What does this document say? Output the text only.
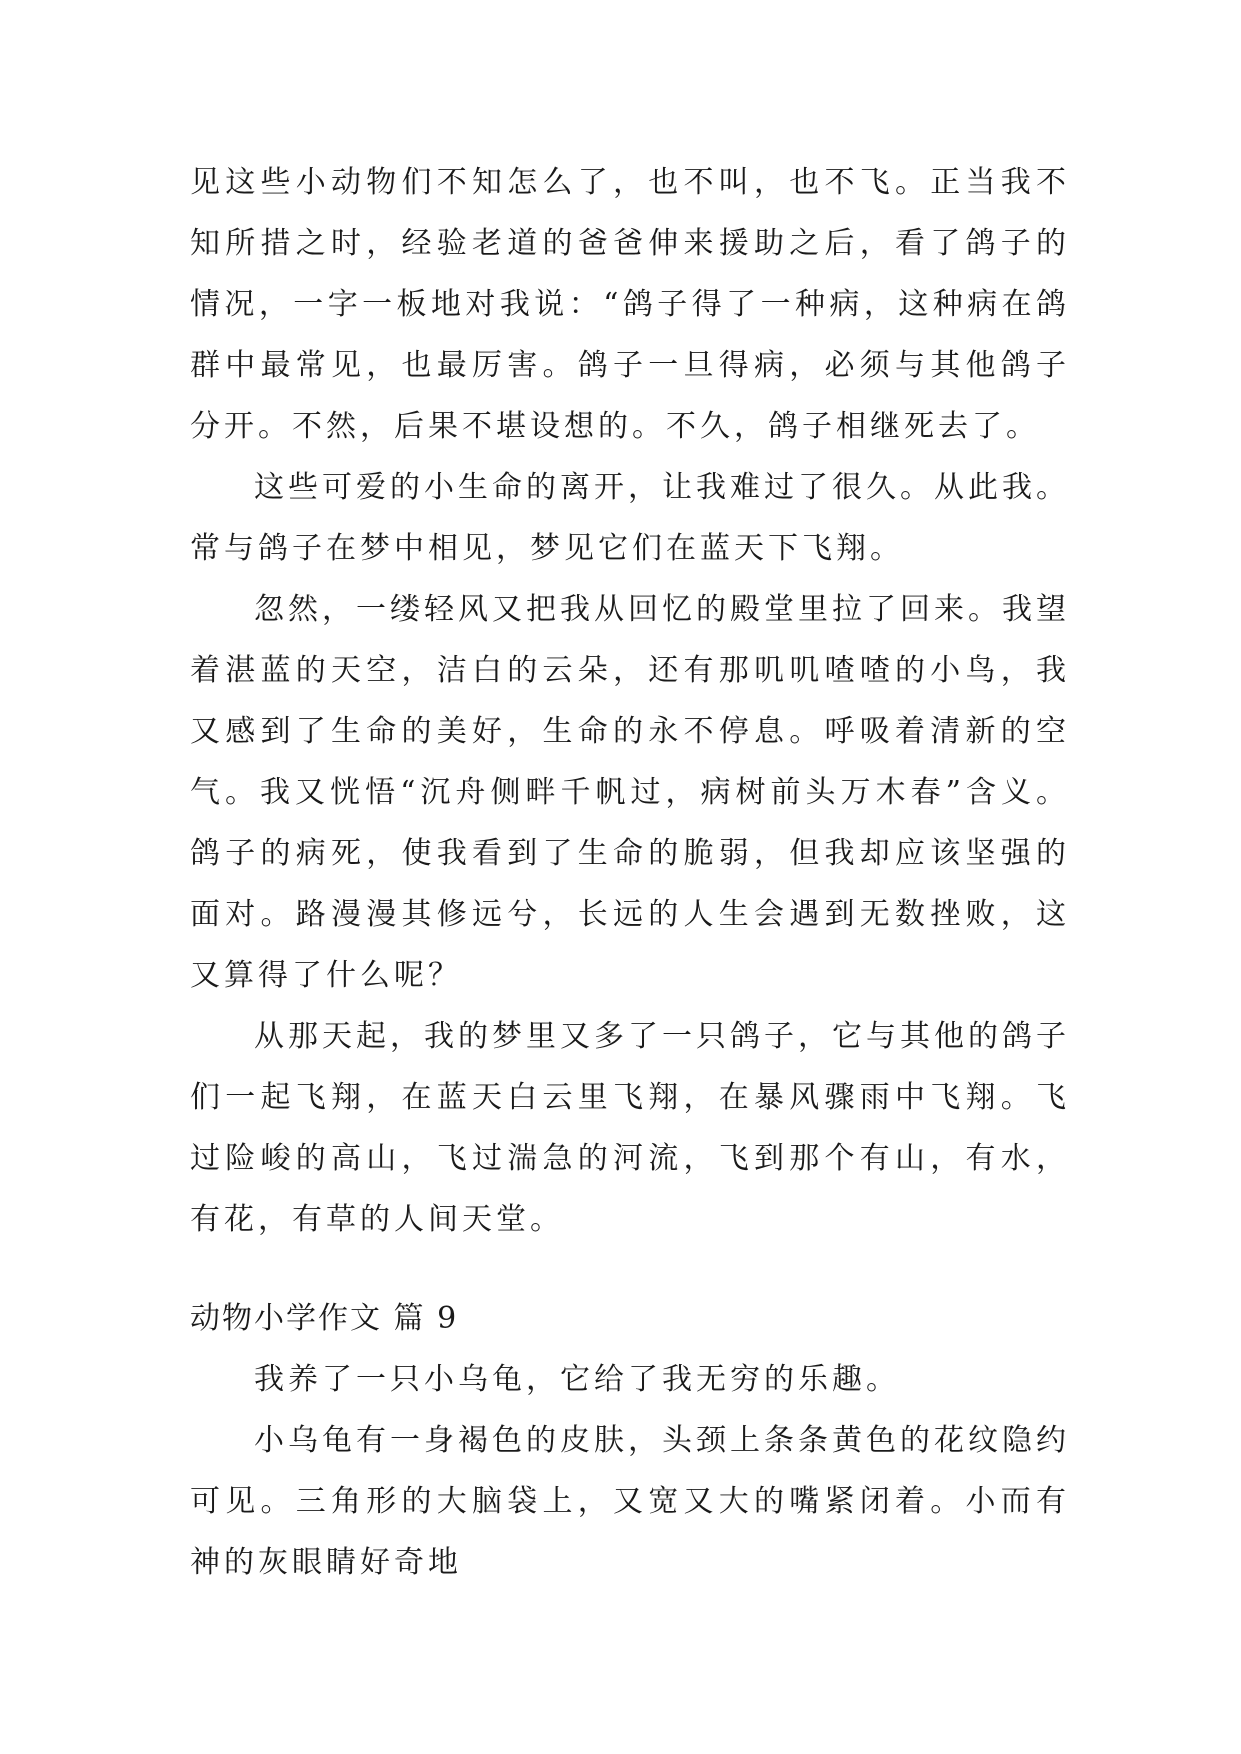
见这些小动物们不知怎么了，也不叫，也不飞。正当我不知所措之时，经验老道的爸爸伸来援助之后，看了鸽子的情况，一字一板地对我说：“鸽子得了一种病，这种病在鸽群中最常见，也最厉害。鸽子一旦得病，必须与其他鸽子分开。不然，后果不堪设想的。不久，鸽子相继死去了。

这些可爱的小生命的离开，让我难过了很久。从此我。常与鸽子在梦中相见，梦见它们在蓝天下飞翔。

忽然，一缕轻风又把我从回忆的殿堂里拉了回来。我望着湛蓝的天空，洁白的云朵，还有那叽叽喳喳的小鸟，我又感到了生命的美好，生命的永不停息。呼吸着清新的空气。我又恍悟“沉舟侧畔千帆过，病树前头万木春”含义。鸽子的病死，使我看到了生命的脆弱，但我却应该坚强的面对。路漫漫其修远兮，长远的人生会遇到无数挫败，这又算得了什么呢？

从那天起，我的梦里又多了一只鸽子，它与其他的鸽子们一起飞翔，在蓝天白云里飞翔，在暴风骤雨中飞翔。飞过险峻的高山，飞过湍急的河流，飞到那个有山，有水，有花，有草的人间天堂。

动物小学作文 篇 9

我养了一只小乌龟，它给了我无穷的乐趣。

小乌龟有一身褐色的皮肤，头颈上条条黄色的花纹隐约可见。三角形的大脑袋上，又宽又大的嘴紧闭着。小而有神的灰眼睛好奇地
